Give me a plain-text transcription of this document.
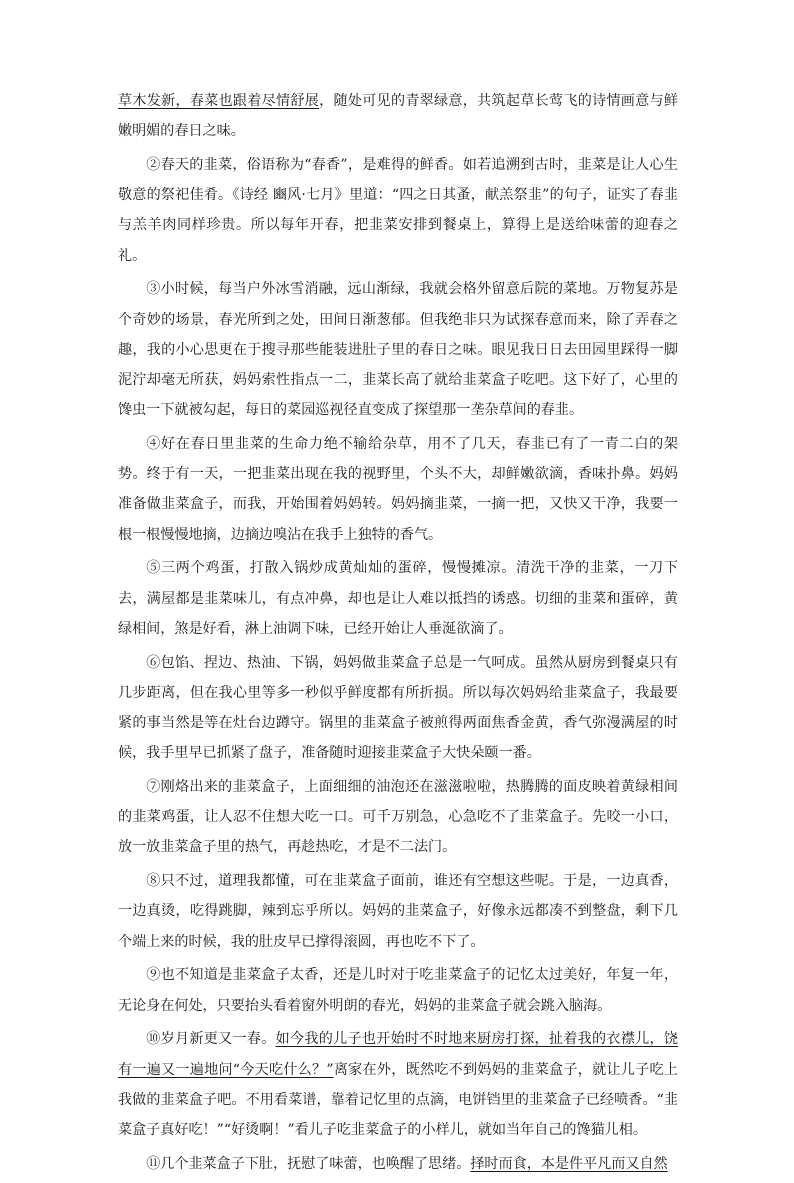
草木发新，春菜也跟着尽情舒展，随处可见的青翠绿意，共筑起草长莺飞的诗情画意与鲜嫩明媚的春日之味。

②春天的韭菜，俗语称为“春香”，是难得的鲜香。如若追溯到古时，韭菜是让人心生敬意的祭祀佳肴。《诗经 豳风·七月》里道：“四之日其蚤，献羔祭韭”的句子，证实了春韭与羔羊肉同样珍贵。所以每年开春，把韭菜安排到餐桌上，算得上是送给味蕾的迎春之礼。

③小时候，每当户外冰雪消融，远山渐绿，我就会格外留意后院的菜地。万物复苏是个奇妙的场景，春光所到之处，田间日渐葱郁。但我绝非只为试探春意而来，除了弄春之趣，我的小心思更在于搜寻那些能装进肚子里的春日之味。眼见我日日去田园里踩得一脚泥泞却毫无所获，妈妈索性指点一二，韭菜长高了就给韭菜盒子吃吧。这下好了，心里的馋虫一下就被勾起，每日的菜园巡视径直变成了探望那一垄杂草间的春韭。

④好在春日里韭菜的生命力绝不输给杂草，用不了几天，春韭已有了一青二白的架势。终于有一天，一把韭菜出现在我的视野里，个头不大，却鲜嫩欲滴，香味扑鼻。妈妈准备做韭菜盒子，而我，开始围着妈妈转。妈妈摘韭菜，一摘一把，又快又干净，我要一根一根慢慢地摘，边摘边嗅沾在我手上独特的香气。

⑤三两个鸡蛋，打散入锅炒成黄灿灿的蛋碎，慢慢摊凉。清洗干净的韭菜，一刀下去，满屋都是韭菜味儿，有点冲鼻，却也是让人难以抵挡的诱惑。切细的韭菜和蛋碎，黄绿相间，煞是好看，淋上油调下味，已经开始让人垂涎欲滴了。

⑥包馅、捏边、热油、下锅，妈妈做韭菜盒子总是一气呵成。虽然从厨房到餐桌只有几步距离，但在我心里等多一秒似乎鲜度都有所折损。所以每次妈妈给韭菜盒子，我最要紧的事当然是等在灶台边蹲守。锅里的韭菜盒子被煎得两面焦香金黄，香气弥漫满屋的时候，我手里早已抓紧了盘子，准备随时迎接韭菜盒子大快朵颐一番。

⑦刚烙出来的韭菜盒子，上面细细的油泡还在滋滋啦啦，热腾腾的面皮映着黄绿相间的韭菜鸡蛋，让人忍不住想大吃一口。可千万别急，心急吃不了韭菜盒子。先咬一小口，放一放韭菜盒子里的热气，再趁热吃，才是不二法门。

⑧只不过，道理我都懂，可在韭菜盒子面前，谁还有空想这些呢。于是，一边真香，一边真烫，吃得跳脚，辣到忘乎所以。妈妈的韭菜盒子，好像永远都凑不到整盘，剩下几个端上来的时候，我的肚皮早已撑得滚圆，再也吃不下了。

⑨也不知道是韭菜盒子太香，还是儿时对于吃韭菜盒子的记忆太过美好，年复一年，无论身在何处，只要抬头看着窗外明朗的春光，妈妈的韭菜盒子就会跳入脑海。

⑩岁月新更又一春。如今我的儿子也开始时不时地来厨房打探，扯着我的衣襟儿，饶有一遍又一遍地问“今天吃什么？”离家在外，既然吃不到妈妈的韭菜盒子，就让儿子吃上我做的韭菜盒子吧。不用看菜谱，靠着记忆里的点滴，电饼铛里的韭菜盒子已经喷香。“韭菜盒子真好吃！”“好烫啊！”看儿子吃韭菜盒子的小样儿，就如当年自己的馋猫儿相。

⑪几个韭菜盒子下肚，抚慰了味蕾，也唤醒了思绪。择时而食，本是件平凡而又自然
